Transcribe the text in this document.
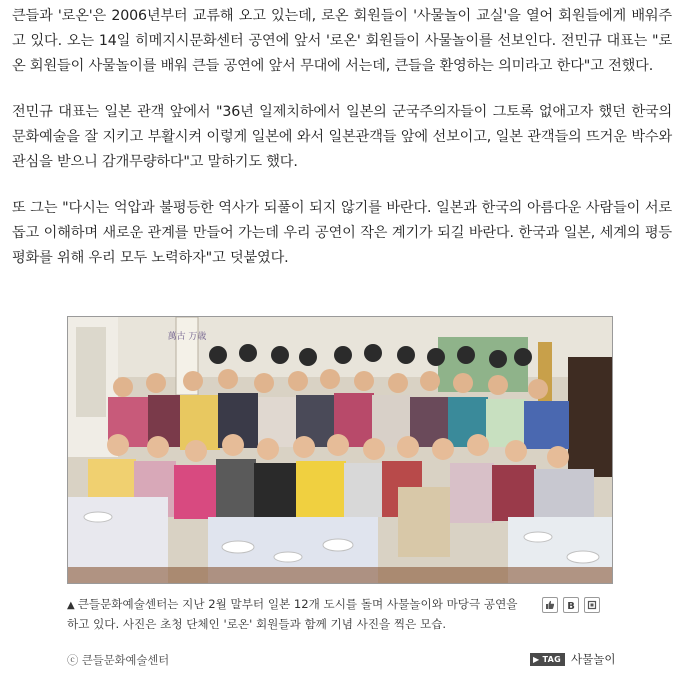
큰들과 '로온'은 2006년부터 교류해 오고 있는데, 로온 회원들이 '사물놀이 교실'을 열어 회원들에게 배워주고 있다. 오는 14일 히메지시문화센터 공연에 앞서 '로온' 회원들이 사물놀이를 선보인다. 전민규 대표는 "로온 회원들이 사물놀이를 배워 큰들 공연에 앞서 무대에 서는데, 큰들을 환영하는 의미라고 한다"고 전했다.

전민규 대표는 일본 관객 앞에서 "36년 일제치하에서 일본의 군국주의자들이 그토록 없애고자 했던 한국의 문화예술을 잘 지키고 부활시켜 이렇게 일본에 와서 일본관객들 앞에 선보이고, 일본 관객들의 뜨거운 박수와 관심을 받으니 감개무량하다"고 말하기도 했다.

또 그는 "다시는 억압과 불평등한 역사가 되풀이 되지 않기를 바란다. 일본과 한국의 아름다운 사람들이 서로 돕고 이해하며 새로운 관계를 만들어 가는데 우리 공연이 작은 계기가 되길 바란다. 한국과 일본, 세계의 평등평화를 위해 우리 모두 노력하자"고 덧붙였다.

萬古 万歳
▲ 큰들문화예술센터는 지난 2월 말부터 일본 12개 도시를 돌며 사물놀이와 마당극 공연을 하고 있다. 사진은 초청 단체인 '로온' 회원들과 함께 기념 사진을 찍은 모습.
ⓒ 큰들문화예술센터
B
▶ TAG 사물놀이
